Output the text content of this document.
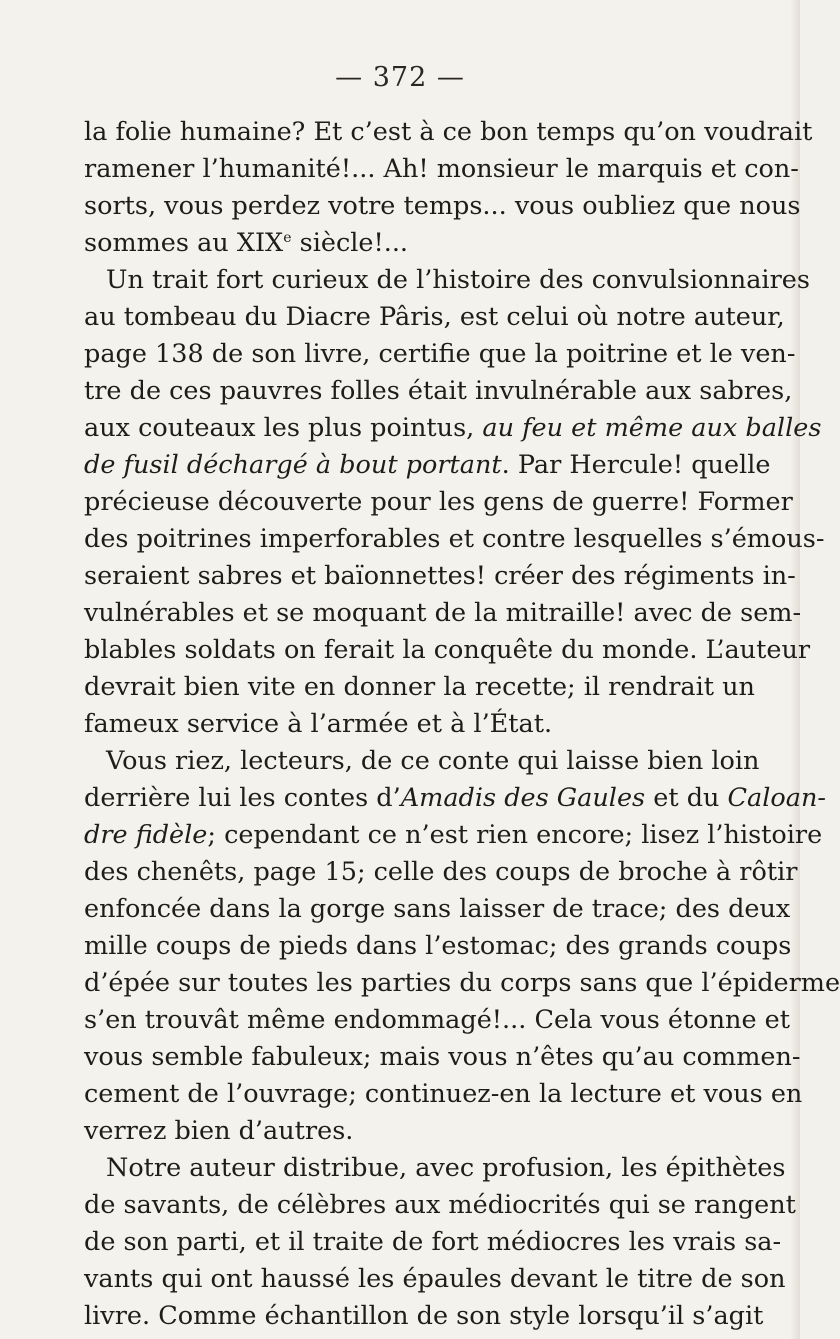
— 372 —
la folie humaine? Et c’est à ce bon temps qu’on voudrait
ramener l’humanité!... Ah! monsieur le marquis et con-
sorts, vous perdez votre temps... vous oubliez que nous
sommes au XIXe siècle!...
Un trait fort curieux de l’histoire des convulsionnaires
au tombeau du Diacre Pâris, est celui où notre auteur,
page 138 de son livre, certifie que la poitrine et le ven-
tre de ces pauvres folles était invulnérable aux sabres,
aux couteaux les plus pointus, au feu et même aux balles
de fusil déchargé à bout portant. Par Hercule! quelle
précieuse découverte pour les gens de guerre! Former
des poitrines imperforables et contre lesquelles s’émous-
seraient sabres et baïonnettes! créer des régiments in-
vulnérables et se moquant de la mitraille! avec de sem-
blables soldats on ferait la conquête du monde. L’auteur
devrait bien vite en donner la recette; il rendrait un
fameux service à l’armée et à l’État.
Vous riez, lecteurs, de ce conte qui laisse bien loin
derrière lui les contes d’Amadis des Gaules et du Caloan-
dre fidèle; cependant ce n’est rien encore; lisez l’histoire
des chenêts, page 15; celle des coups de broche à rôtir
enfoncée dans la gorge sans laisser de trace; des deux
mille coups de pieds dans l’estomac; des grands coups
d’épée sur toutes les parties du corps sans que l’épiderme
s’en trouvât même endommagé!... Cela vous étonne et
vous semble fabuleux; mais vous n’êtes qu’au commen-
cement de l’ouvrage; continuez-en la lecture et vous en
verrez bien d’autres.
Notre auteur distribue, avec profusion, les épithètes
de savants, de célèbres aux médiocrités qui se rangent
de son parti, et il traite de fort médiocres les vrais sa-
vants qui ont haussé les épaules devant le titre de son
livre. Comme échantillon de son style lorsqu’il s’agit
